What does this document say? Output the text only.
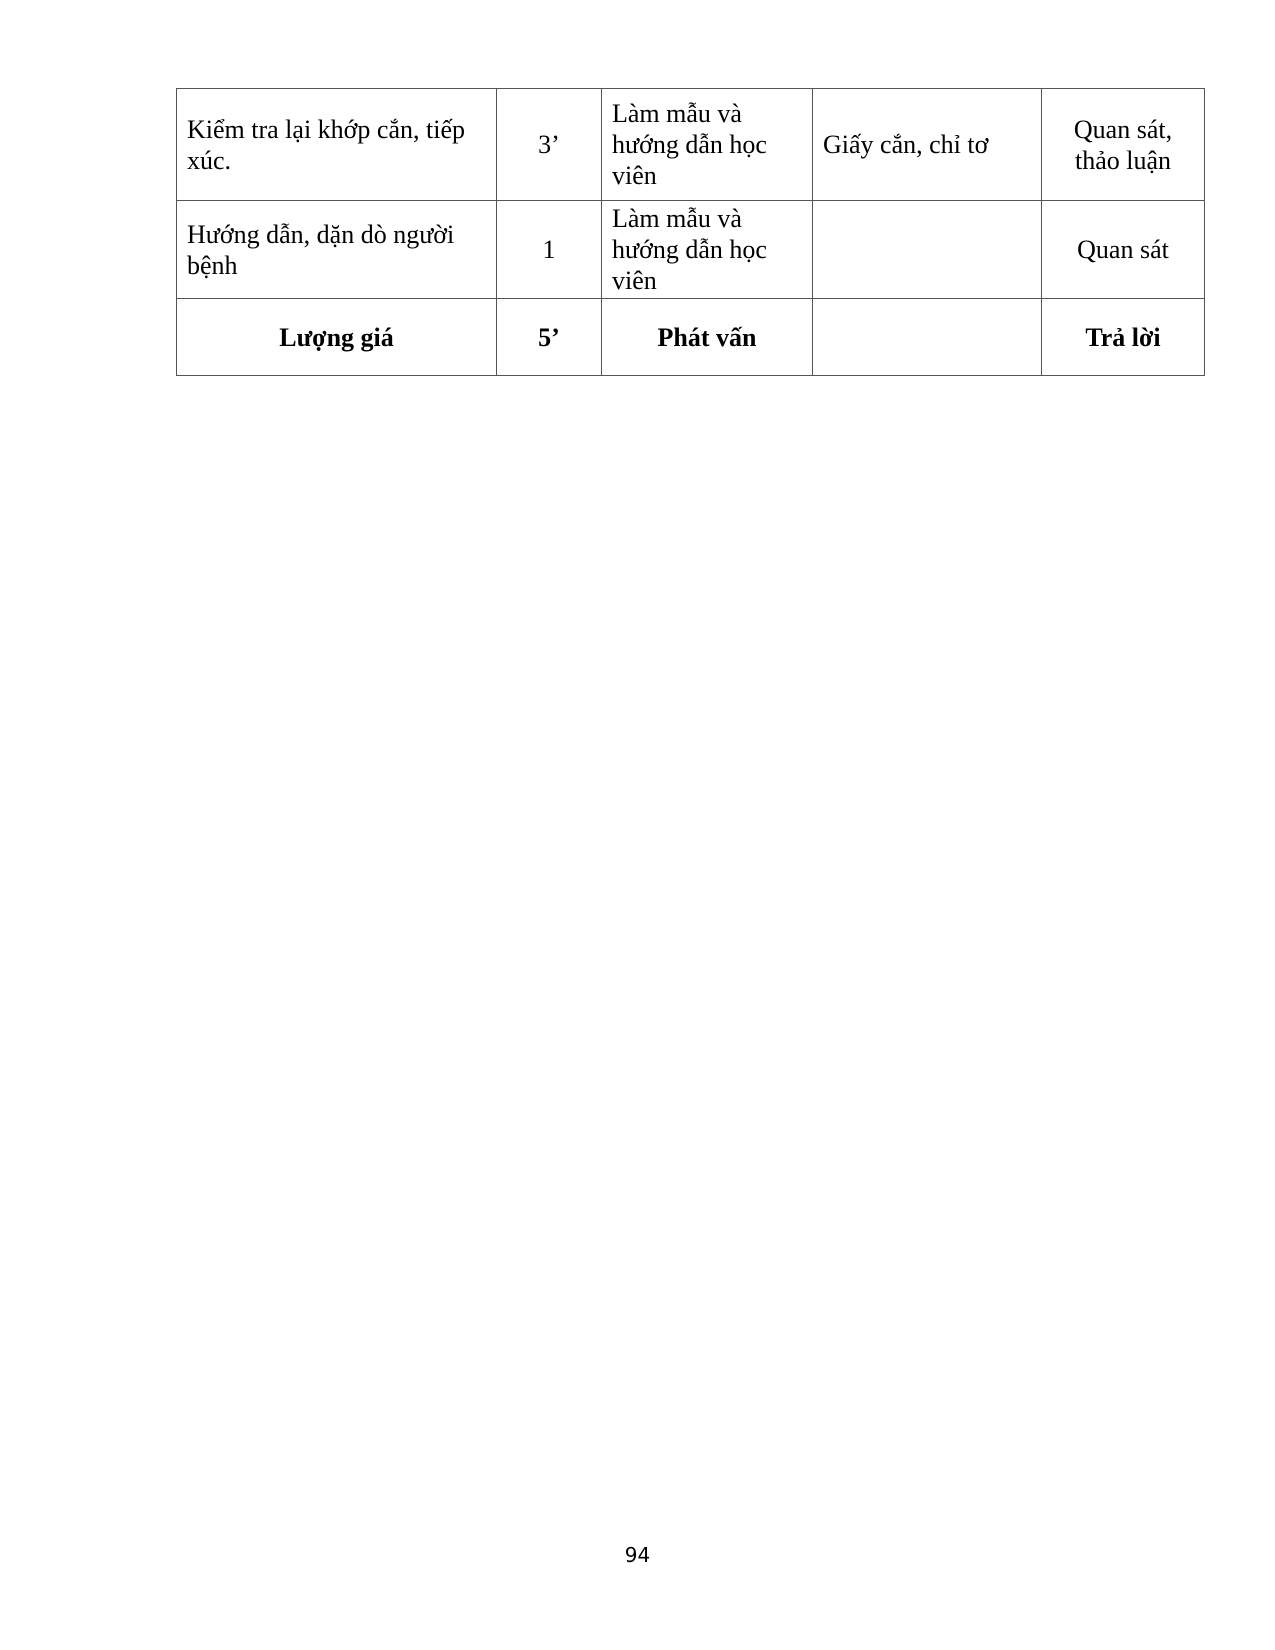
Kiểm tra lại khớp cắn, tiếp xúc.	3’	Làm mẫu và hướng dẫn học viên	Giấy cắn, chỉ tơ	Quan sát, thảo luận
Hướng dẫn, dặn dò người bệnh	1	Làm mẫu và hướng dẫn học viên		Quan sát
Lượng giá	5’	Phát vấn		Trả lời
94
